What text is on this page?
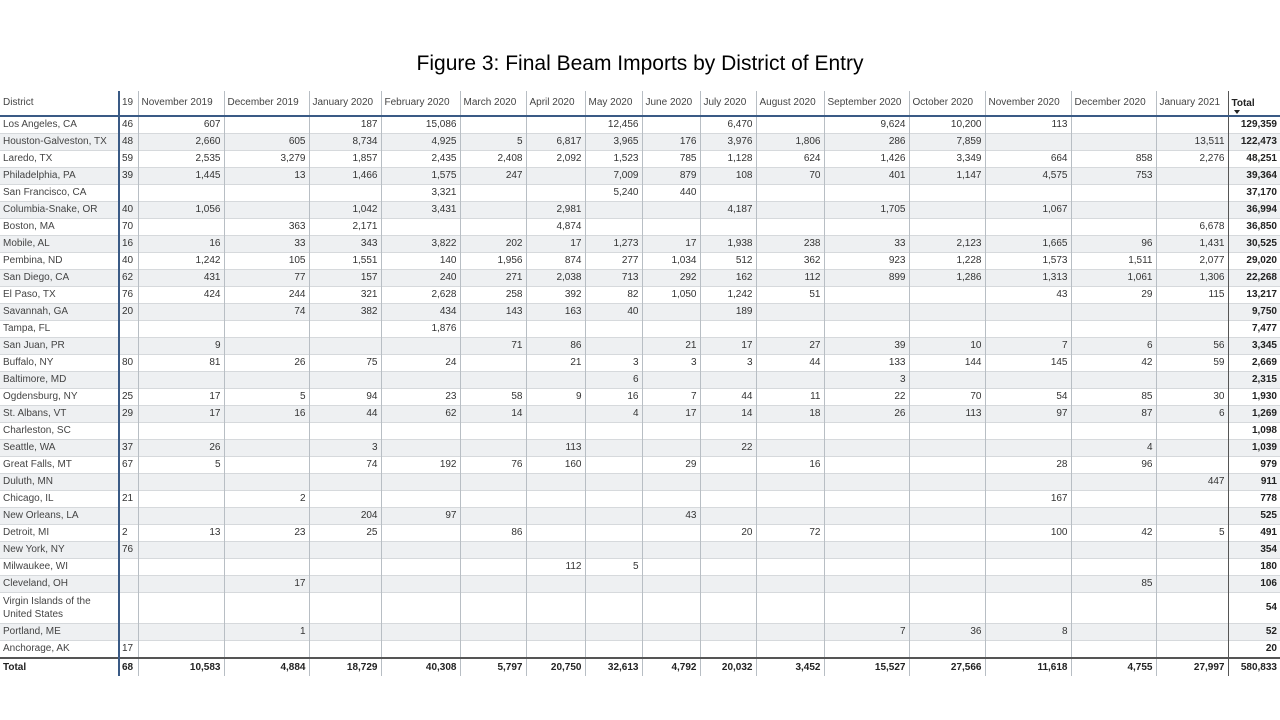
Figure 3: Final Beam Imports by District of Entry
District	19	November 2019	December 2019	January 2020	February 2020	March 2020	April 2020	May 2020	June 2020	July 2020	August 2020	September 2020	October 2020	November 2020	December 2020	January 2021	Total

Los Angeles, CA	46	607		187	15,086			12,456		6,470		9,624	10,200	113			129,359
Houston-Galveston, TX	48	2,660	605	8,734	4,925	5	6,817	3,965	176	3,976	1,806	286	7,859			13,511	122,473
Laredo, TX	59	2,535	3,279	1,857	2,435	2,408	2,092	1,523	785	1,128	624	1,426	3,349	664	858	2,276	48,251
Philadelphia, PA	39	1,445	13	1,466	1,575	247		7,009	879	108	70	401	1,147	4,575	753		39,364
San Francisco, CA					3,321			5,240	440								37,170
Columbia-Snake, OR	40	1,056		1,042	3,431		2,981			4,187		1,705		1,067			36,994
Boston, MA	70		363	2,171			4,874									6,678	36,850
Mobile, AL	16	16	33	343	3,822	202	17	1,273	17	1,938	238	33	2,123	1,665	96	1,431	30,525
Pembina, ND	40	1,242	105	1,551	140	1,956	874	277	1,034	512	362	923	1,228	1,573	1,511	2,077	29,020
San Diego, CA	62	431	77	157	240	271	2,038	713	292	162	112	899	1,286	1,313	1,061	1,306	22,268
El Paso, TX	76	424	244	321	2,628	258	392	82	1,050	1,242	51			43	29	115	13,217
Savannah, GA	20		74	382	434	143	163	40		189							9,750
Tampa, FL					1,876												7,477
San Juan, PR		9				71	86		21	17	27	39	10	7	6	56	3,345
Buffalo, NY	80	81	26	75	24		21	3	3	3	44	133	144	145	42	59	2,669
Baltimore, MD								6				3					2,315
Ogdensburg, NY	25	17	5	94	23	58	9	16	7	44	11	22	70	54	85	30	1,930
St. Albans, VT	29	17	16	44	62	14		4	17	14	18	26	113	97	87	6	1,269
Charleston, SC																	1,098
Seattle, WA	37	26		3			113			22					4		1,039
Great Falls, MT	67	5		74	192	76	160		29		16			28	96		979
Duluth, MN																447	911
Chicago, IL	21		2											167			778
New Orleans, LA				204	97				43								525
Detroit, MI	2	13	23	25		86				20	72			100	42	5	491
New York, NY	76																354
Milwaukee, WI							112	5									180
Cleveland, OH			17												85		106
Virgin Islands of the United States																	54
Portland, ME			1									7	36	8			52
Anchorage, AK	17																20
Total	68	10,583	4,884	18,729	40,308	5,797	20,750	32,613	4,792	20,032	3,452	15,527	27,566	11,618	4,755	27,997	580,833
